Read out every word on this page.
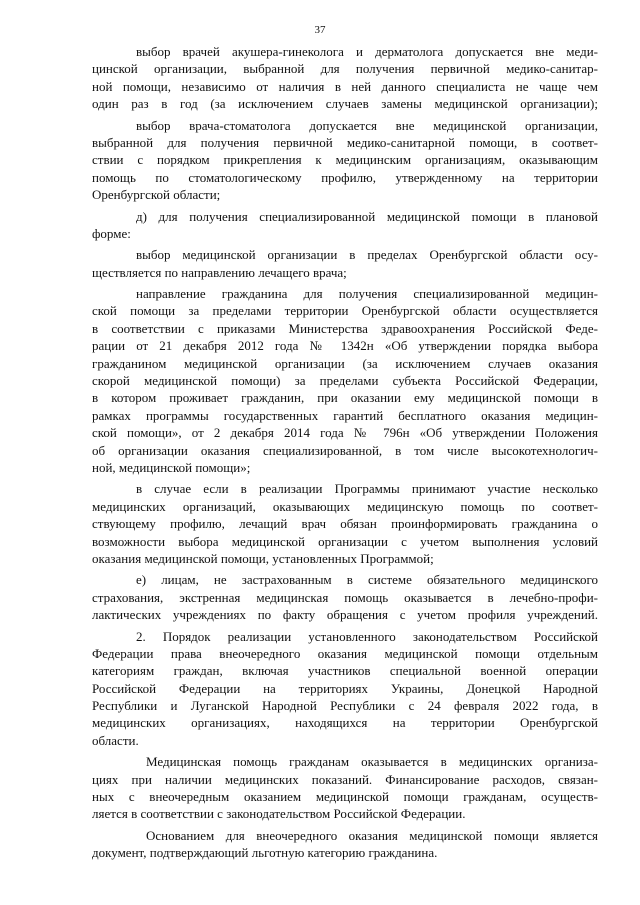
37
выбор врачей акушера-гинеколога и дерматолога допускается вне меди-
цинской организации, выбранной для получения первичной медико-санитар-
ной помощи, независимо от наличия в ней данного специалиста не чаще чем
один раз в год (за исключением случаев замены медицинской организации);
выбор врача-стоматолога допускается вне медицинской организации,
выбранной для получения первичной медико-санитарной помощи, в соответ-
ствии с порядком прикрепления к медицинским организациям, оказывающим
помощь по стоматологическому профилю, утвержденному на территории
Оренбургской области;
д) для получения специализированной медицинской помощи в плановой
форме:
выбор медицинской организации в пределах Оренбургской области осу-
ществляется по направлению лечащего врача;
направление гражданина для получения специализированной медицин-
ской помощи за пределами территории Оренбургской области осуществляется
в соответствии с приказами Министерства здравоохранения Российской Феде-
рации от 21 декабря 2012 года № 1342н «Об утверждении порядка выбора
гражданином медицинской организации (за исключением случаев оказания
скорой медицинской помощи) за пределами субъекта Российской Федерации,
в котором проживает гражданин, при оказании ему медицинской помощи в
рамках программы государственных гарантий бесплатного оказания медицин-
ской помощи», от 2 декабря 2014 года № 796н «Об утверждении Положения
об организации оказания специализированной, в том числе высокотехнологич-
ной, медицинской помощи»;
в случае если в реализации Программы принимают участие несколько
медицинских организаций, оказывающих медицинскую помощь по соответ-
ствующему профилю, лечащий врач обязан проинформировать гражданина о
возможности выбора медицинской организации с учетом выполнения условий
оказания медицинской помощи, установленных Программой;
е) лицам, не застрахованным в системе обязательного медицинского
страхования, экстренная медицинская помощь оказывается в лечебно-профи-
лактических учреждениях по факту обращения с учетом профиля учреждений.
2. Порядок реализации установленного законодательством Российской
Федерации права внеочередного оказания медицинской помощи отдельным
категориям граждан, включая участников специальной военной операции
Российской Федерации на территориях Украины, Донецкой Народной
Республики и Луганской Народной Республики с 24 февраля 2022 года, в
медицинских организациях, находящихся на территории Оренбургской
области.
Медицинская помощь гражданам оказывается в медицинских организа-
циях при наличии медицинских показаний. Финансирование расходов, связан-
ных с внеочередным оказанием медицинской помощи гражданам, осуществ-
ляется в соответствии с законодательством Российской Федерации.
Основанием для внеочередного оказания медицинской помощи является
документ, подтверждающий льготную категорию гражданина.
